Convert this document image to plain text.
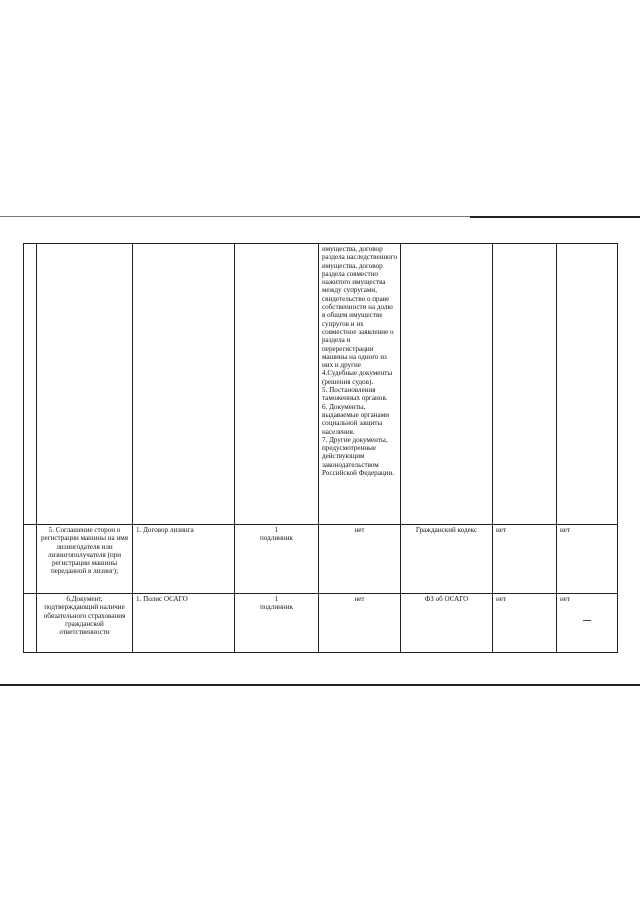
				имущества, договор раздела наследственного имущества, договор раздела совместно нажитого имущества между супругами, свидетельство о праве собственности на долю в общем имуществе супругов и их совместное заявление о раздела и перерегистрации машины на одного из них и другие
4.Судебные документы (решения судов).
5. Постановления таможенных органов.
6. Документы, выдаваемые органами социальной защиты населения.
7. Другие документы, предусмотренные действующим законодательством Российской Федерации.			
	5. Соглашение сторон о регистрации машины на имя лизингодателя или лизингополучателя (при регистрации машины переданной в лизинг);	1. Договор лизинга	1
подлинник	нет	Гражданский кодекс	нет	нет
	6.Документ, подтверждающий наличие обязательного страхования гражданской ответственности	1. Полис ОСАГО	1
подлинник	нет	ФЗ об ОСАГО	нет	нет
